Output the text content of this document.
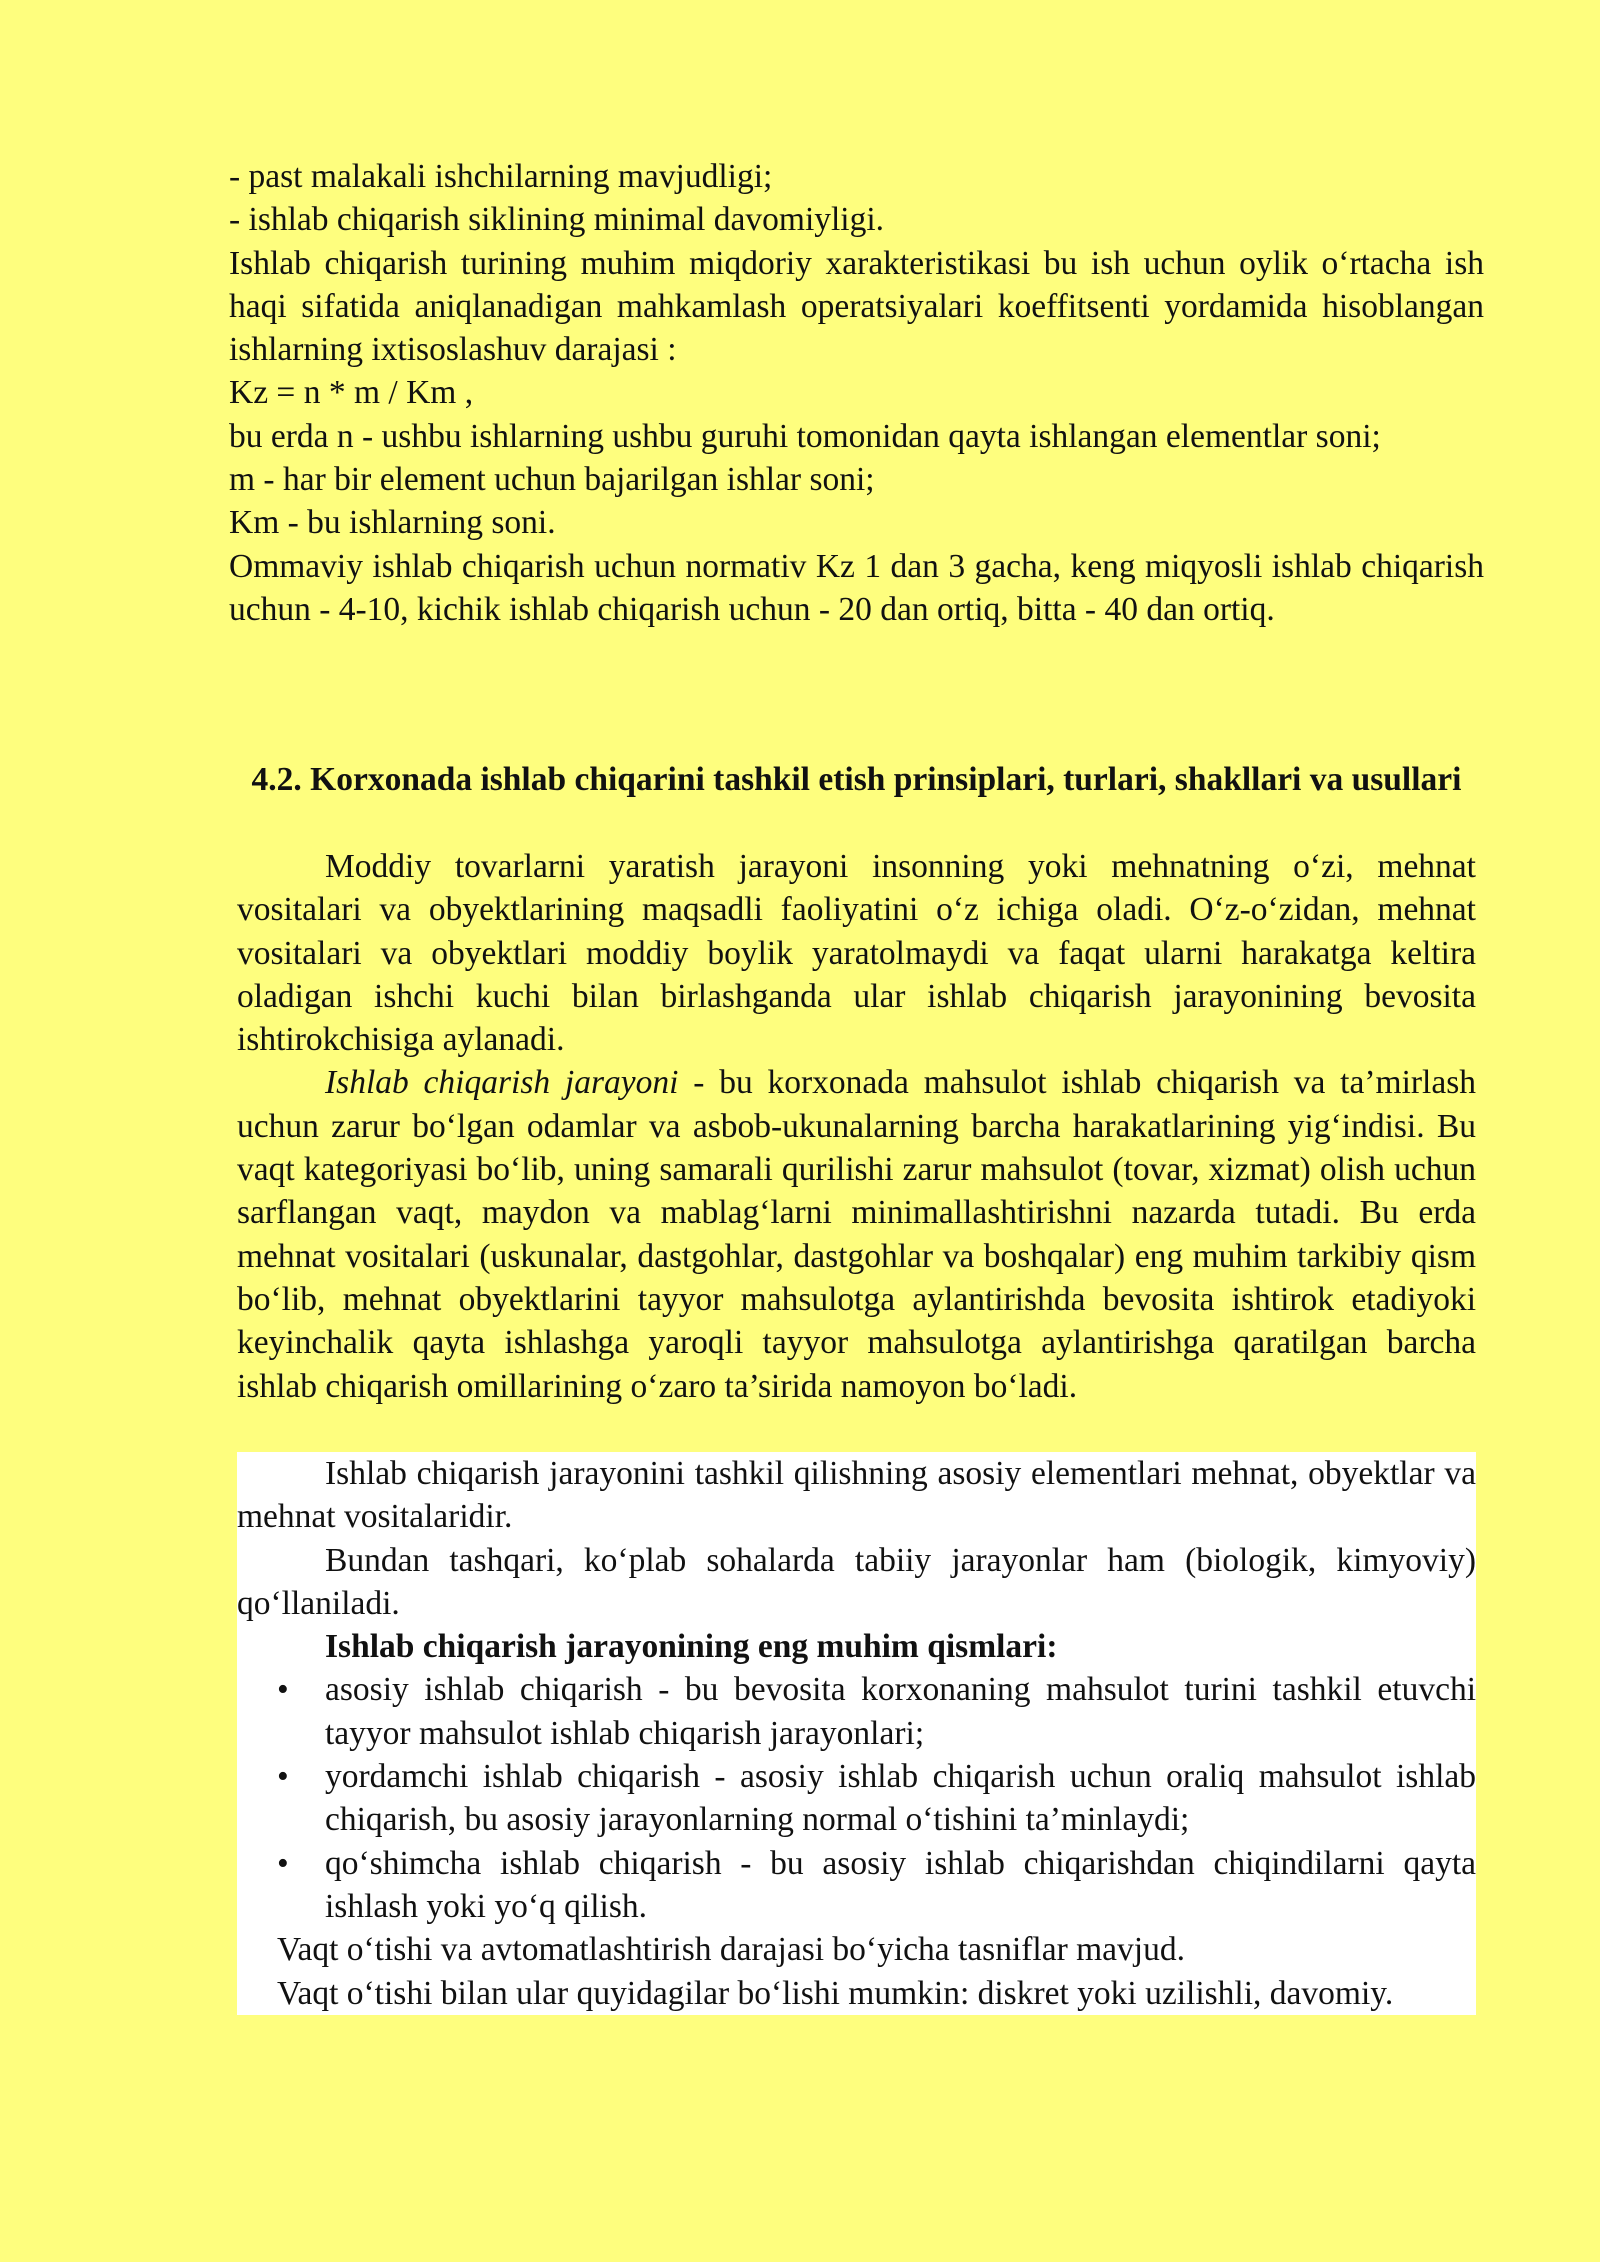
- past malakali ishchilarning mavjudligi;

- ishlab chiqarish siklining minimal davomiyligi.

Ishlab chiqarish turining muhim miqdoriy xarakteristikasi bu ish uchun oylik o‘rtacha ish haqi sifatida aniqlanadigan mahkamlash operatsiyalari koeffitsenti yordamida hisoblangan ishlarning ixtisoslashuv darajasi :

Kz = n * m / Km ,

bu erda n - ushbu ishlarning ushbu guruhi tomonidan qayta ishlangan elementlar soni;

m - har bir element uchun bajarilgan ishlar soni;

Km - bu ishlarning soni.

Ommaviy ishlab chiqarish uchun normativ Kz 1 dan 3 gacha, keng miqyosli ishlab chiqarish uchun - 4-10, kichik ishlab chiqarish uchun - 20 dan ortiq, bitta - 40 dan ortiq.

4.2. Korxonada ishlab chiqarini tashkil etish prinsiplari, turlari, shakllari va usullari

Moddiy tovarlarni yaratish jarayoni insonning yoki mehnatning o‘zi, mehnat vositalari va obyektlarining maqsadli faoliyatini o‘z ichiga oladi. O‘z-o‘zidan, mehnat vositalari va obyektlari moddiy boylik yaratolmaydi va faqat ularni harakatga keltira oladigan ishchi kuchi bilan birlashganda ular ishlab chiqarish jarayonining bevosita ishtirokchisiga aylanadi.

Ishlab chiqarish jarayoni - bu korxonada mahsulot ishlab chiqarish va ta’mirlash uchun zarur bo‘lgan odamlar va asbob-ukunalarning barcha harakatlarining yig‘indisi. Bu vaqt kategoriyasi bo‘lib, uning samarali qurilishi zarur mahsulot (tovar, xizmat) olish uchun sarflangan vaqt, maydon va mablag‘larni minimallashtirishni nazarda tutadi. Bu erda mehnat vositalari (uskunalar, dastgohlar, dastgohlar va boshqalar) eng muhim tarkibiy qism bo‘lib, mehnat obyektlarini tayyor mahsulotga aylantirishda bevosita ishtirok etadiyoki keyinchalik qayta ishlashga yaroqli tayyor mahsulotga aylantirishga qaratilgan barcha ishlab chiqarish omillarining o‘zaro ta’sirida namoyon bo‘ladi.

Ishlab chiqarish jarayonini tashkil qilishning asosiy elementlari mehnat, obyektlar va mehnat vositalaridir.

Bundan tashqari, ko‘plab sohalarda tabiiy jarayonlar ham (biologik, kimyoviy) qo‘llaniladi.

Ishlab chiqarish jarayonining eng muhim qismlari:

• asosiy ishlab chiqarish - bu bevosita korxonaning mahsulot turini tashkil etuvchi tayyor mahsulot ishlab chiqarish jarayonlari;
• yordamchi ishlab chiqarish - asosiy ishlab chiqarish uchun oraliq mahsulot ishlab chiqarish, bu asosiy jarayonlarning normal o‘tishini ta’minlaydi;
• qo‘shimcha ishlab chiqarish - bu asosiy ishlab chiqarishdan chiqindilarni qayta ishlash yoki yo‘q qilish.

Vaqt o‘tishi va avtomatlashtirish darajasi bo‘yicha tasniflar mavjud.

Vaqt o‘tishi bilan ular quyidagilar bo‘lishi mumkin: diskret yoki uzilishli, davomiy.
